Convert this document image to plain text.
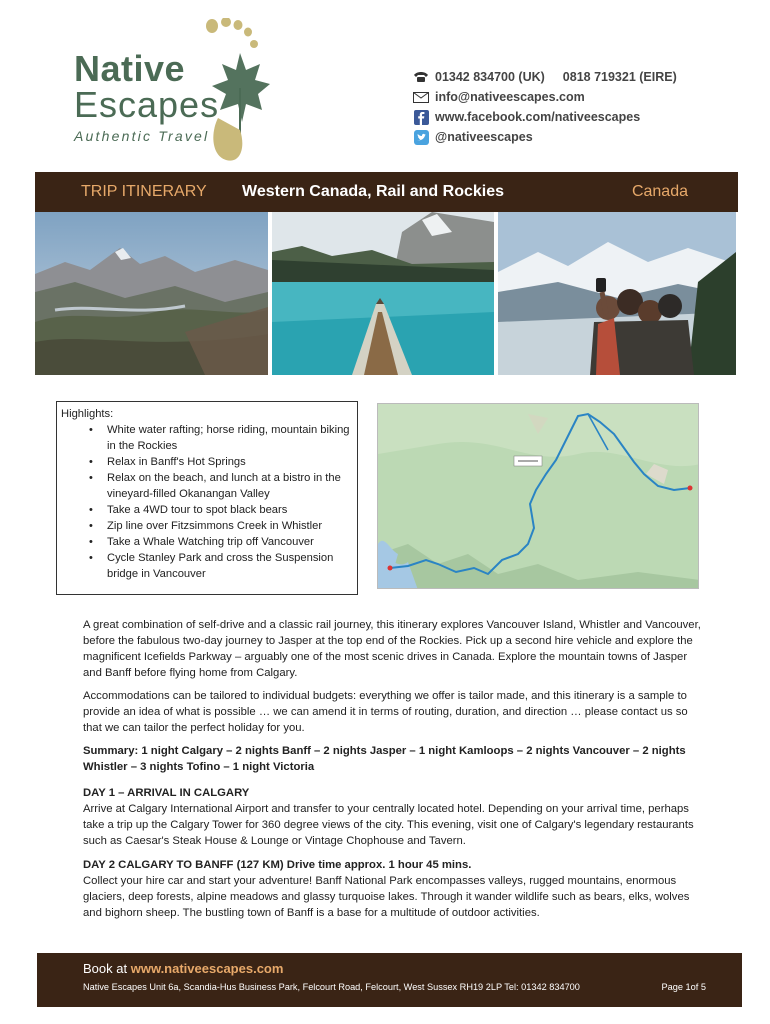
Native
Escapes
Authentic Travel
01342 834700 (UK) 0818 719321 (EIRE)
info@nativeescapes.com
www.facebook.com/nativeescapes
@nativeescapes
TRIP ITINERARY Western Canada, Rail and Rockies	Canada
Highlights:
• White water rafting; horse riding, mountain biking in the Rockies
• Relax in Banff's Hot Springs
• Relax on the beach, and lunch at a bistro in the vineyard-filled Okanangan Valley
• Take a 4WD tour to spot black bears
• Zip line over Fitzsimmons Creek in Whistler
• Take a Whale Watching trip off Vancouver
• Cycle Stanley Park and cross the Suspension bridge in Vancouver

A great combination of self-drive and a classic rail journey, this itinerary explores Vancouver Island, Whistler and Vancouver, before the fabulous two-day journey to Jasper at the top end of the Rockies. Pick up a second hire vehicle and explore the magnificent Icefields Parkway – arguably one of the most scenic drives in Canada. Explore the mountain towns of Jasper and Banff before flying home from Calgary.

Accommodations can be tailored to individual budgets: everything we offer is tailor made, and this itinerary is a sample to provide an idea of what is possible … we can amend it in terms of routing, duration, and direction … please contact us so that we can tailor the perfect holiday for you.

Summary: 1 night Calgary – 2 nights Banff – 2 nights Jasper – 1 night Kamloops – 2 nights Vancouver – 2 nights Whistler – 3 nights Tofino – 1 night Victoria

DAY 1 – ARRIVAL IN CALGARY
Arrive at Calgary International Airport and transfer to your centrally located hotel. Depending on your arrival time, perhaps take a trip up the Calgary Tower for 360 degree views of the city. This evening, visit one of Calgary's legendary restaurants such as Caesar's Steak House & Lounge or Vintage Chophouse and Tavern.
DAY 2 CALGARY TO BANFF (127 KM) Drive time approx. 1 hour 45 mins.
Collect your hire car and start your adventure! Banff National Park encompasses valleys, rugged mountains, enormous glaciers, deep forests, alpine meadows and glassy turquoise lakes. Through it wander wildlife such as bears, elks, wolves and bighorn sheep. The bustling town of Banff is a base for a multitude of outdoor activities.
Book at www.nativeescapes.com
Native Escapes Unit 6a, Scandia-Hus Business Park, Felcourt Road, Felcourt, West Sussex RH19 2LP Tel: 01342 834700	Page 1of 5
